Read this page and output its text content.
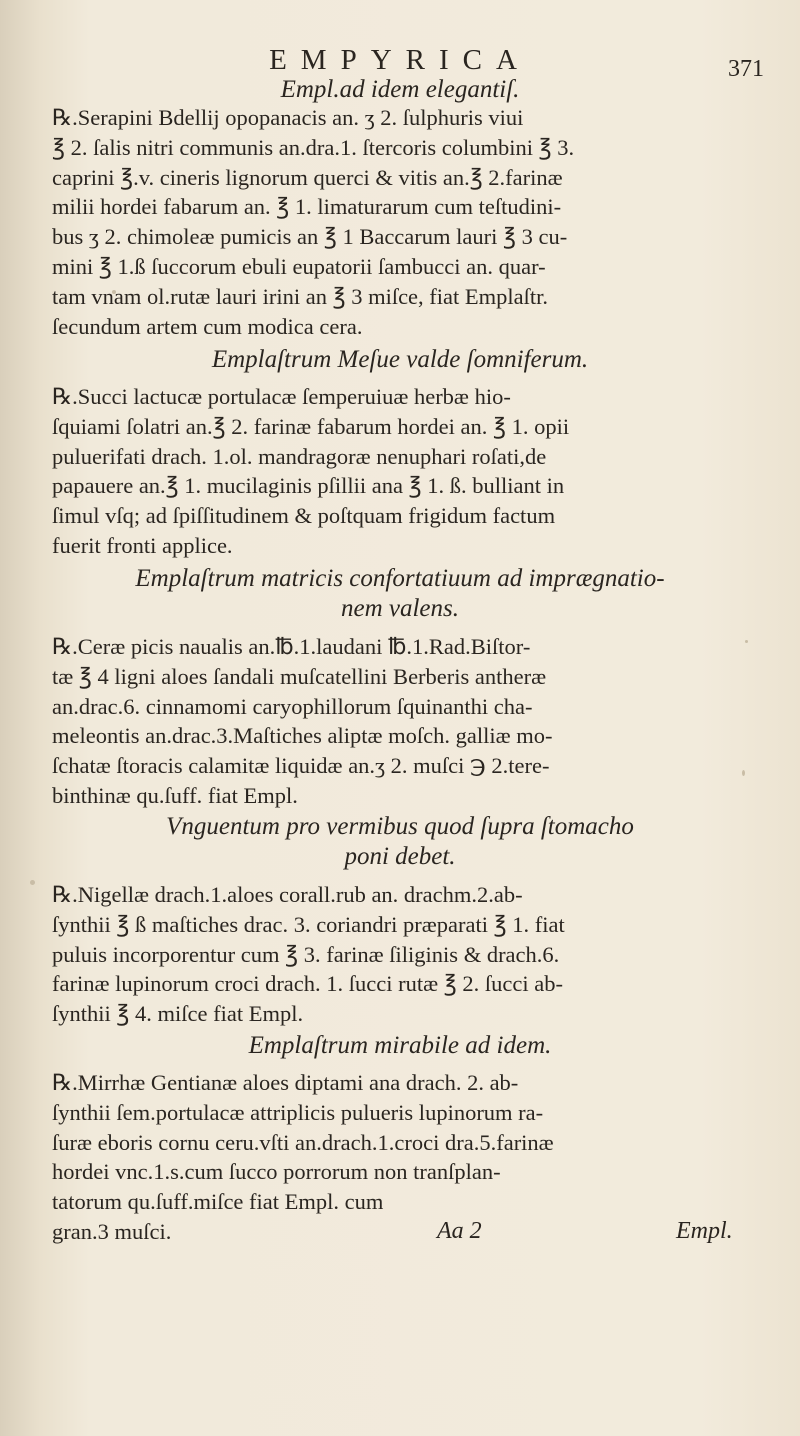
EMPYRICA	371
Empl.ad idem elegantiſ.
℞.Serapini Bdellij opopanacis an. ʒ 2. ſulphuris viui
℥ 2. ſalis nitri communis an.dra.1. ſtercoris columbini ℥ 3.
caprini ℥.v. cineris lignorum querci & vitis an.℥ 2.farinæ
milii hordei fabarum an. ℥ 1. limaturarum cum teſtudini-
bus ʒ 2. chimoleæ pumicis an ℥ 1 Baccarum lauri ℥ 3 cu-
mini ℥ 1.ß ſuccorum ebuli eupatorii ſambucci an. quar-
tam vnam ol.rutæ lauri irini an ℥ 3 miſce, fiat Emplaſtr.
ſecundum artem cum modica cera.
Emplaſtrum Meſue valde ſomniferum.
℞.Succi lactucæ portulacæ ſemperuiuæ herbæ hio-
ſquiami ſolatri an.℥ 2. farinæ fabarum hordei an. ℥ 1. opii
puluerifati drach. 1.ol. mandragoræ nenuphari roſati,de
papauere an.℥ 1. mucilaginis pſillii ana ℥ 1. ß. bulliant in
ſimul vſq; ad ſpiſſitudinem & poſtquam frigidum factum
fuerit fronti applice.
Emplaſtrum matricis confortatiuum ad imprægnatio-
nem valens.
℞.Ceræ picis naualis an.℔.1.laudani ℔.1.Rad.Biſtor-
tæ ℥ 4 ligni aloes ſandali muſcatellini Berberis antheræ
an.drac.6. cinnamomi caryophillorum ſquinanthi cha-
meleontis an.drac.3.Maſtiches aliptæ moſch. galliæ mo-
ſchatæ ſtoracis calamitæ liquidæ an.ʒ 2. muſci ℈ 2.tere-
binthinæ qu.ſuff. fiat Empl.
Vnguentum pro vermibus quod ſupra ſtomacho
poni debet.
℞.Nigellæ drach.1.aloes corall.rub an. drachm.2.ab-
ſynthii ℥ ß maſtiches drac. 3. coriandri præparati ℥ 1. fiat
puluis incorporentur cum ℥ 3. farinæ ſiliginis & drach.6.
farinæ lupinorum croci drach. 1. ſucci rutæ ℥ 2. ſucci ab-
ſynthii ℥ 4. miſce fiat Empl.
Emplaſtrum mirabile ad idem.
℞.Mirrhæ Gentianæ aloes diptami ana drach. 2. ab-
ſynthii ſem.portulacæ attriplicis pulueris lupinorum ra-
ſuræ eboris cornu ceru.vſti an.drach.1.croci dra.5.farinæ
hordei vnc.1.s.cum ſucco porrorum non tranſplan-
tatorum qu.ſuff.miſce fiat Empl. cum
gran.3 muſci.	Aa 2	Empl.
